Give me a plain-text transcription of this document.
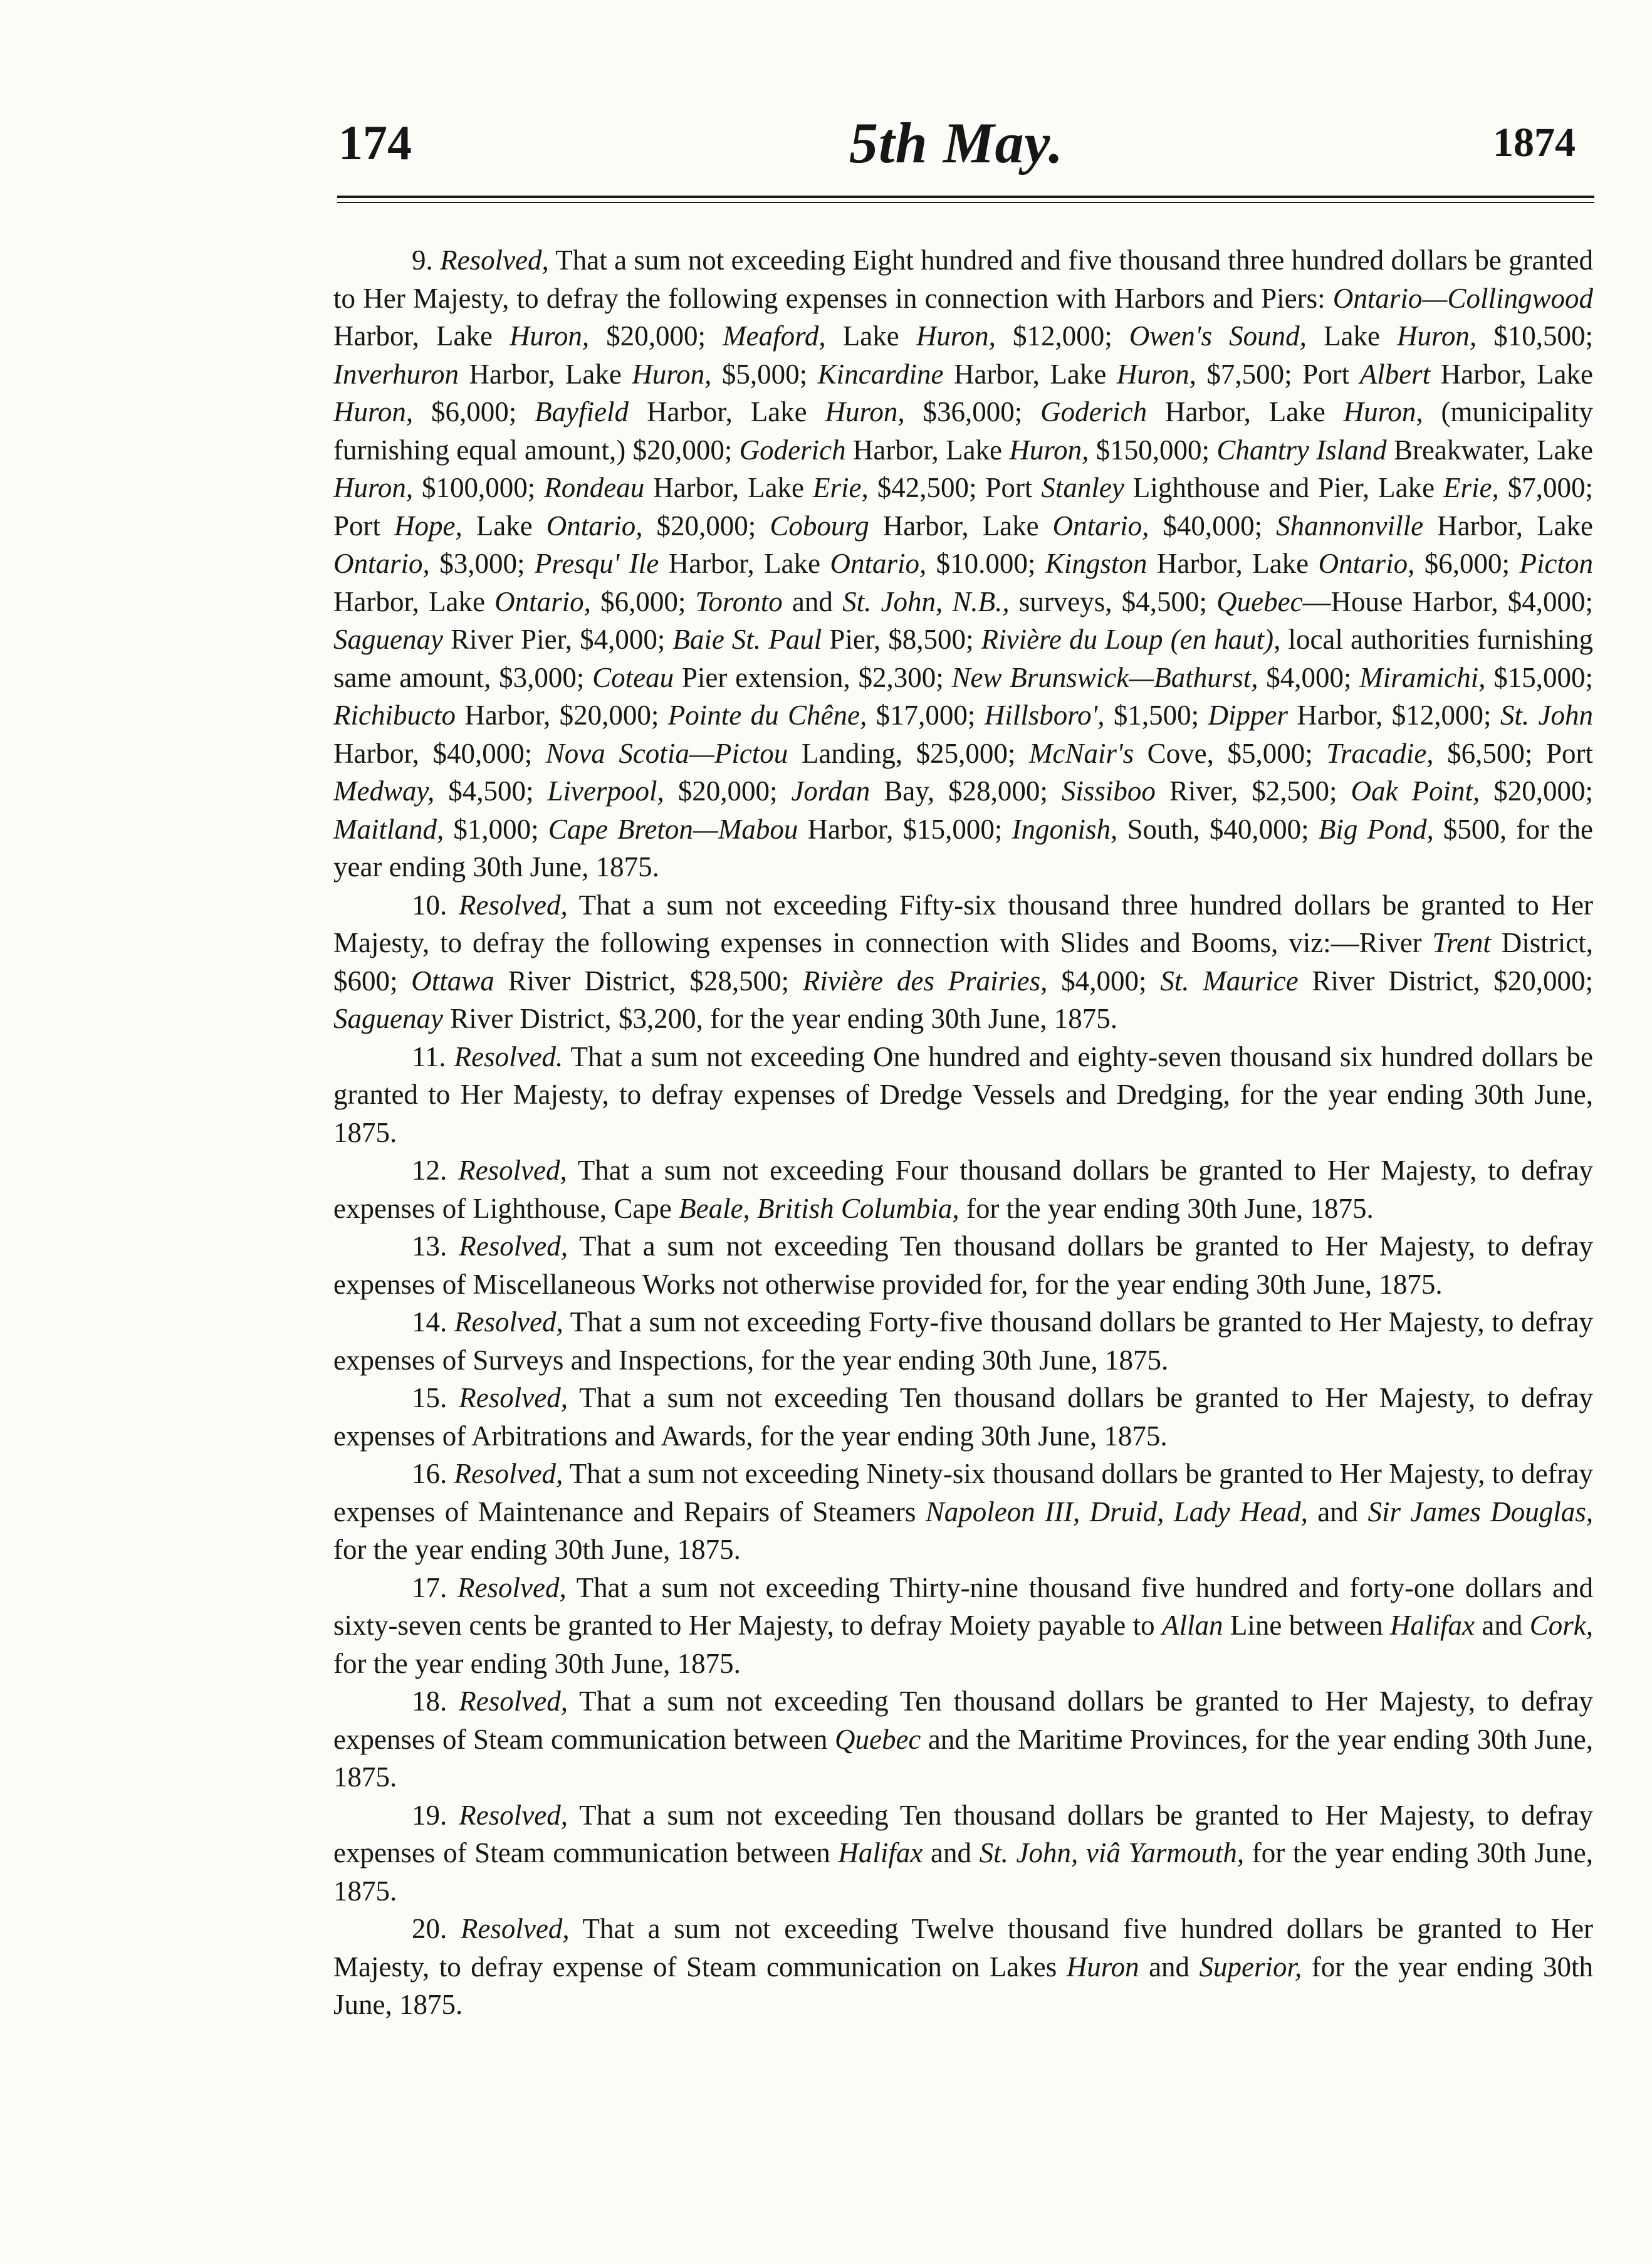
174	5th May.	1874

9. Resolved, That a sum not exceeding Eight hundred and five thousand three hundred dollars be granted to Her Majesty, to defray the following expenses in connection with Harbors and Piers: Ontario—Collingwood Harbor, Lake Huron, $20,000; Meaford, Lake Huron, $12,000; Owen's Sound, Lake Huron, $10,500; Inverhuron Harbor, Lake Huron, $5,000; Kincardine Harbor, Lake Huron, $7,500; Port Albert Harbor, Lake Huron, $6,000; Bayfield Harbor, Lake Huron, $36,000; Goderich Harbor, Lake Huron, (municipality furnishing equal amount,) $20,000; Goderich Harbor, Lake Huron, $150,000; Chantry Island Breakwater, Lake Huron, $100,000; Rondeau Harbor, Lake Erie, $42,500; Port Stanley Lighthouse and Pier, Lake Erie, $7,000; Port Hope, Lake Ontario, $20,000; Cobourg Harbor, Lake Ontario, $40,000; Shannonville Harbor, Lake Ontario, $3,000; Presqu' Ile Harbor, Lake Ontario, $10.000; Kingston Harbor, Lake Ontario, $6,000; Picton Harbor, Lake Ontario, $6,000; Toronto and St. John, N.B., surveys, $4,500; Quebec—House Harbor, $4,000; Saguenay River Pier, $4,000; Baie St. Paul Pier, $8,500; Rivière du Loup (en haut), local authorities furnishing same amount, $3,000; Coteau Pier extension, $2,300; New Brunswick—Bathurst, $4,000; Miramichi, $15,000; Richibucto Harbor, $20,000; Pointe du Chêne, $17,000; Hillsboro', $1,500; Dipper Harbor, $12,000; St. John Harbor, $40,000; Nova Scotia—Pictou Landing, $25,000; McNair's Cove, $5,000; Tracadie, $6,500; Port Medway, $4,500; Liverpool, $20,000; Jordan Bay, $28,000; Sissiboo River, $2,500; Oak Point, $20,000; Maitland, $1,000; Cape Breton—Mabou Harbor, $15,000; Ingonish, South, $40,000; Big Pond, $500, for the year ending 30th June, 1875.

10. Resolved, That a sum not exceeding Fifty-six thousand three hundred dollars be granted to Her Majesty, to defray the following expenses in connection with Slides and Booms, viz:—River Trent District, $600; Ottawa River District, $28,500; Rivière des Prairies, $4,000; St. Maurice River District, $20,000; Saguenay River District, $3,200, for the year ending 30th June, 1875.

11. Resolved. That a sum not exceeding One hundred and eighty-seven thousand six hundred dollars be granted to Her Majesty, to defray expenses of Dredge Vessels and Dredging, for the year ending 30th June, 1875.

12. Resolved, That a sum not exceeding Four thousand dollars be granted to Her Majesty, to defray expenses of Lighthouse, Cape Beale, British Columbia, for the year ending 30th June, 1875.

13. Resolved, That a sum not exceeding Ten thousand dollars be granted to Her Majesty, to defray expenses of Miscellaneous Works not otherwise provided for, for the year ending 30th June, 1875.

14. Resolved, That a sum not exceeding Forty-five thousand dollars be granted to Her Majesty, to defray expenses of Surveys and Inspections, for the year ending 30th June, 1875.

15. Resolved, That a sum not exceeding Ten thousand dollars be granted to Her Majesty, to defray expenses of Arbitrations and Awards, for the year ending 30th June, 1875.

16. Resolved, That a sum not exceeding Ninety-six thousand dollars be granted to Her Majesty, to defray expenses of Maintenance and Repairs of Steamers Napoleon III, Druid, Lady Head, and Sir James Douglas, for the year ending 30th June, 1875.

17. Resolved, That a sum not exceeding Thirty-nine thousand five hundred and forty-one dollars and sixty-seven cents be granted to Her Majesty, to defray Moiety payable to Allan Line between Halifax and Cork, for the year ending 30th June, 1875.

18. Resolved, That a sum not exceeding Ten thousand dollars be granted to Her Majesty, to defray expenses of Steam communication between Quebec and the Maritime Provinces, for the year ending 30th June, 1875.

19. Resolved, That a sum not exceeding Ten thousand dollars be granted to Her Majesty, to defray expenses of Steam communication between Halifax and St. John, viâ Yarmouth, for the year ending 30th June, 1875.

20. Resolved, That a sum not exceeding Twelve thousand five hundred dollars be granted to Her Majesty, to defray expense of Steam communication on Lakes Huron and Superior, for the year ending 30th June, 1875.
